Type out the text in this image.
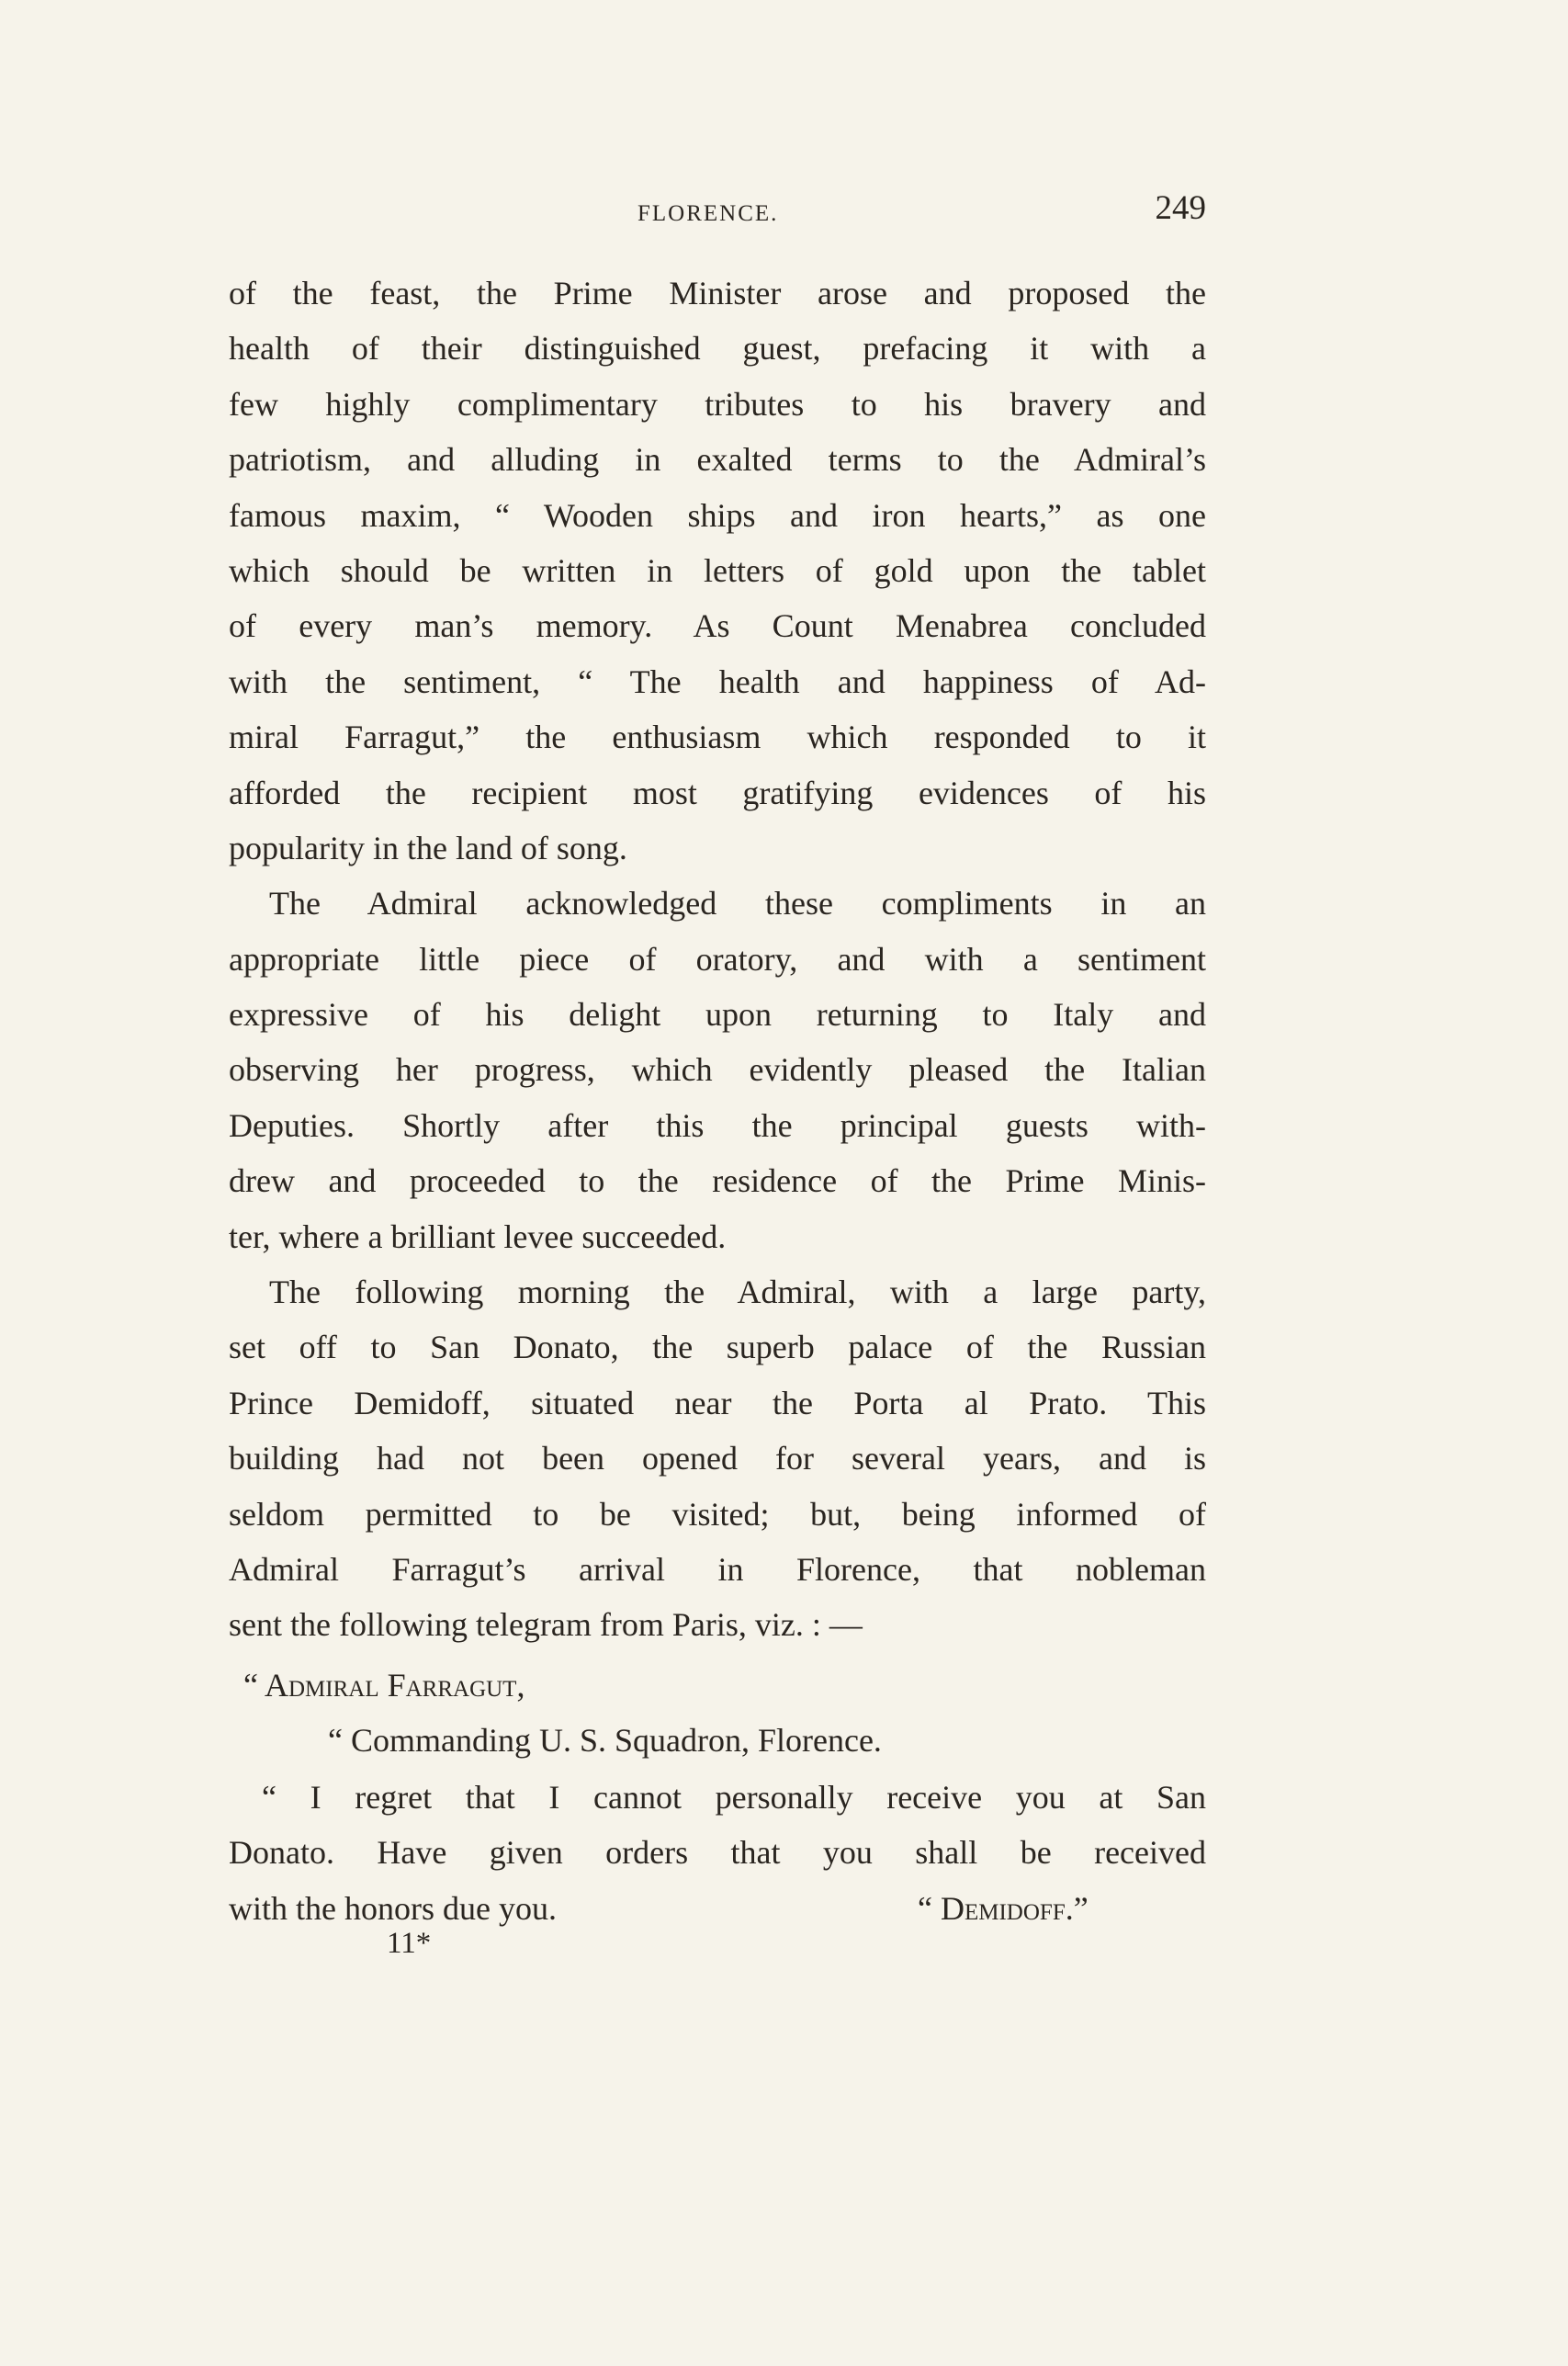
FLORENCE.	249
of the feast, the Prime Minister arose and proposed the
health of their distinguished guest, prefacing it with a
few highly complimentary tributes to his bravery and
patriotism, and alluding in exalted terms to the Admiral’s
famous maxim, “ Wooden ships and iron hearts,” as one
which should be written in letters of gold upon the tablet
of every man’s memory. As Count Menabrea concluded
with the sentiment, “ The health and happiness of Ad-
miral Farragut,” the enthusiasm which responded to it
afforded the recipient most gratifying evidences of his
popularity in the land of song.
The Admiral acknowledged these compliments in an
appropriate little piece of oratory, and with a sentiment
expressive of his delight upon returning to Italy and
observing her progress, which evidently pleased the Italian
Deputies. Shortly after this the principal guests with-
drew and proceeded to the residence of the Prime Minis-
ter, where a brilliant levee succeeded.
The following morning the Admiral, with a large party,
set off to San Donato, the superb palace of the Russian
Prince Demidoff, situated near the Porta al Prato. This
building had not been opened for several years, and is
seldom permitted to be visited; but, being informed of
Admiral Farragut’s arrival in Florence, that nobleman
sent the following telegram from Paris, viz. : —
“ Admiral Farragut,
“ Commanding U. S. Squadron, Florence.
“ I regret that I cannot personally receive you at San
Donato. Have given orders that you shall be received
with the honors due you.	“ Demidoff.”
11*
